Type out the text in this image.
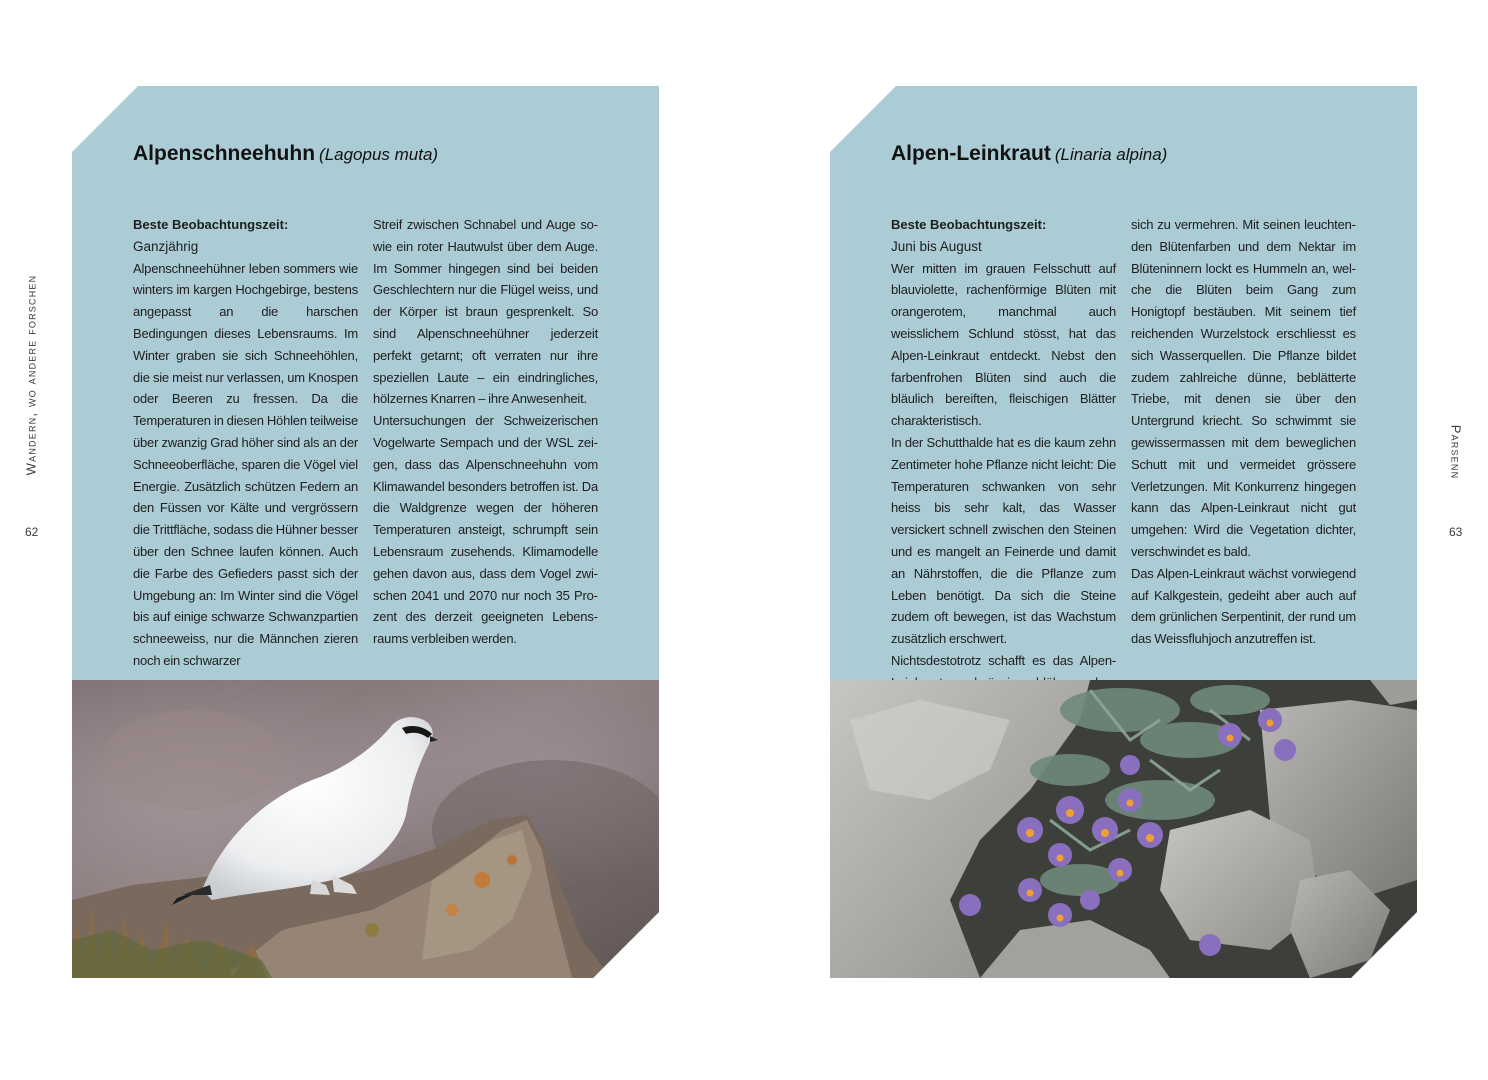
Wandern, wo andere forschen
62
Parsenn
63
Alpenschneehuhn (Lagopus muta)
Beste Beobachtungszeit:
Ganzjährig

Alpenschneehühner leben sommers wie winters im kargen Hochgebirge, bestens angepasst an die harschen Bedingungen dieses Lebensraums. Im Winter graben sie sich Schneehöhlen, die sie meist nur verlassen, um Knospen oder Beeren zu fressen. Da die Temperaturen in diesen Höhlen teilweise über zwanzig Grad höher sind als an der Schneeoberfläche, sparen die Vögel viel Energie. Zusätzlich schützen Federn an den Füssen vor Kälte und vergrössern die Trittfläche, sodass die Hühner besser über den Schnee laufen können. Auch die Farbe des Gefieders passt sich der Umgebung an: Im Winter sind die Vögel bis auf einige schwarze Schwanzpartien schneeweiss, nur die Männchen zieren noch ein schwarzer

Streif zwischen Schnabel und Auge sowie ein roter Hautwulst über dem Auge. Im Sommer hingegen sind bei beiden Geschlechtern nur die Flügel weiss, und der Körper ist braun gesprenkelt. So sind Alpenschneehühner jederzeit perfekt getarnt; oft verraten nur ihre speziellen Laute – ein eindringliches, hölzernes Knarren – ihre Anwesenheit.

Untersuchungen der Schweizerischen Vogelwarte Sempach und der WSL zeigen, dass das Alpenschneehuhn vom Klimawandel besonders betroffen ist. Da die Waldgrenze wegen der höheren Temperaturen ansteigt, schrumpft sein Lebensraum zusehends. Klimamodelle gehen davon aus, dass dem Vogel zwischen 2041 und 2070 nur noch 35 Prozent des derzeit geeigneten Lebensraums verbleiben werden.

Alpen-Leinkraut (Linaria alpina)
Beste Beobachtungszeit:
Juni bis August

Wer mitten im grauen Felsschutt auf blauviolette, rachenförmige Blüten mit orangerotem, manchmal auch weisslichem Schlund stösst, hat das Alpen-Leinkraut entdeckt. Nebst den farbenfrohen Blüten sind auch die bläulich bereiften, fleischigen Blätter charakteristisch.

In der Schutthalde hat es die kaum zehn Zentimeter hohe Pflanze nicht leicht: Die Temperaturen schwanken von sehr heiss bis sehr kalt, das Wasser versickert schnell zwischen den Steinen und es mangelt an Feinerde und damit an Nährstoffen, die die Pflanze zum Leben benötigt. Da sich die Steine zudem oft bewegen, ist das Wachstum zusätzlich erschwert.

Nichtsdestotrotz schafft es das Alpen-

sich zu vermehren. Mit seinen leuchtenden Blütenfarben und dem Nektar im Blüteninnern lockt es Hummeln an, welche die Blüten beim Gang zum Honigtopf bestäuben. Mit seinem tief reichenden Wurzelstock erschliesst es sich Wasserquellen. Die Pflanze bildet zudem zahlreiche dünne, beblätterte Triebe, mit denen sie über den Untergrund kriecht. So schwimmt sie gewissermassen mit dem beweglichen Schutt mit und vermeidet grössere Verletzungen. Mit Konkurrenz hingegen kann das Alpen-Leinkraut nicht gut umgehen: Wird die Vegetation dichter, verschwindet es bald.

Das Alpen-Leinkraut wächst vorwiegend auf Kalkgestein, gedeiht aber auch auf dem grünlichen Serpentinit, der rund um das Weissfluhjoch anzutreffen ist.
